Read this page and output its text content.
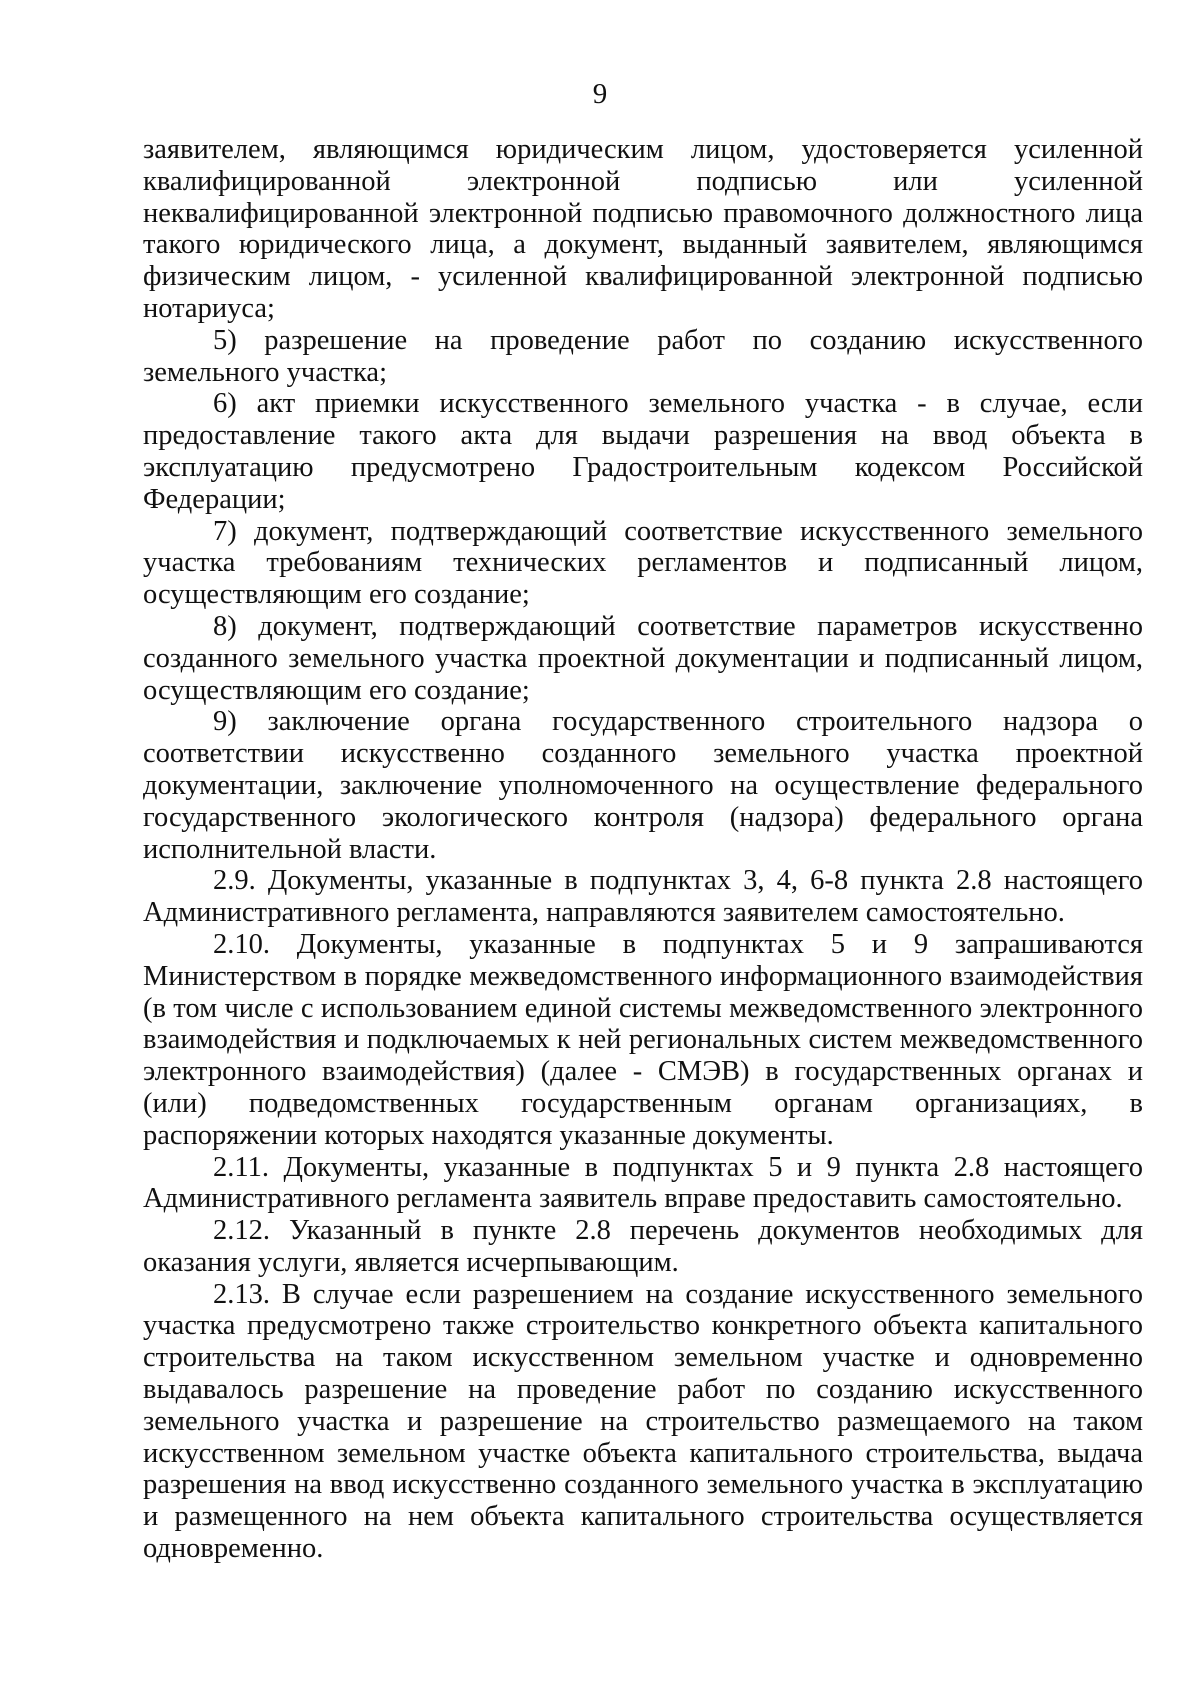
9

заявителем, являющимся юридическим лицом, удостоверяется усиленной квалифицированной электронной подписью или усиленной неквалифицированной электронной подписью правомочного должностного лица такого юридического лица, а документ, выданный заявителем, являющимся физическим лицом, - усиленной квалифицированной электронной подписью нотариуса;

5) разрешение на проведение работ по созданию искусственного земельного участка;

6) акт приемки искусственного земельного участка - в случае, если предоставление такого акта для выдачи разрешения на ввод объекта в эксплуатацию предусмотрено Градостроительным кодексом Российской Федерации;

7) документ, подтверждающий соответствие искусственного земельного участка требованиям технических регламентов и подписанный лицом, осуществляющим его создание;

8) документ, подтверждающий соответствие параметров искусственно созданного земельного участка проектной документации и подписанный лицом, осуществляющим его создание;

9) заключение органа государственного строительного надзора о соответствии искусственно созданного земельного участка проектной документации, заключение уполномоченного на осуществление федерального государственного экологического контроля (надзора) федерального органа исполнительной власти.

2.9. Документы, указанные в подпунктах 3, 4, 6-8 пункта 2.8 настоящего Административного регламента, направляются заявителем самостоятельно.

2.10. Документы, указанные в подпунктах 5 и 9 запрашиваются Министерством в порядке межведомственного информационного взаимодействия (в том числе с использованием единой системы межведомственного электронного взаимодействия и подключаемых к ней региональных систем межведомственного электронного взаимодействия) (далее - СМЭВ) в государственных органах и (или) подведомственных государственным органам организациях, в распоряжении которых находятся указанные документы.

2.11. Документы, указанные в подпунктах 5 и 9 пункта 2.8 настоящего Административного регламента заявитель вправе предоставить самостоятельно.

2.12. Указанный в пункте 2.8 перечень документов необходимых для оказания услуги, является исчерпывающим.

2.13. В случае если разрешением на создание искусственного земельного участка предусмотрено также строительство конкретного объекта капитального строительства на таком искусственном земельном участке и одновременно выдавалось разрешение на проведение работ по созданию искусственного земельного участка и разрешение на строительство размещаемого на таком искусственном земельном участке объекта капитального строительства, выдача разрешения на ввод искусственно созданного земельного участка в эксплуатацию и размещенного на нем объекта капитального строительства осуществляется одновременно.
